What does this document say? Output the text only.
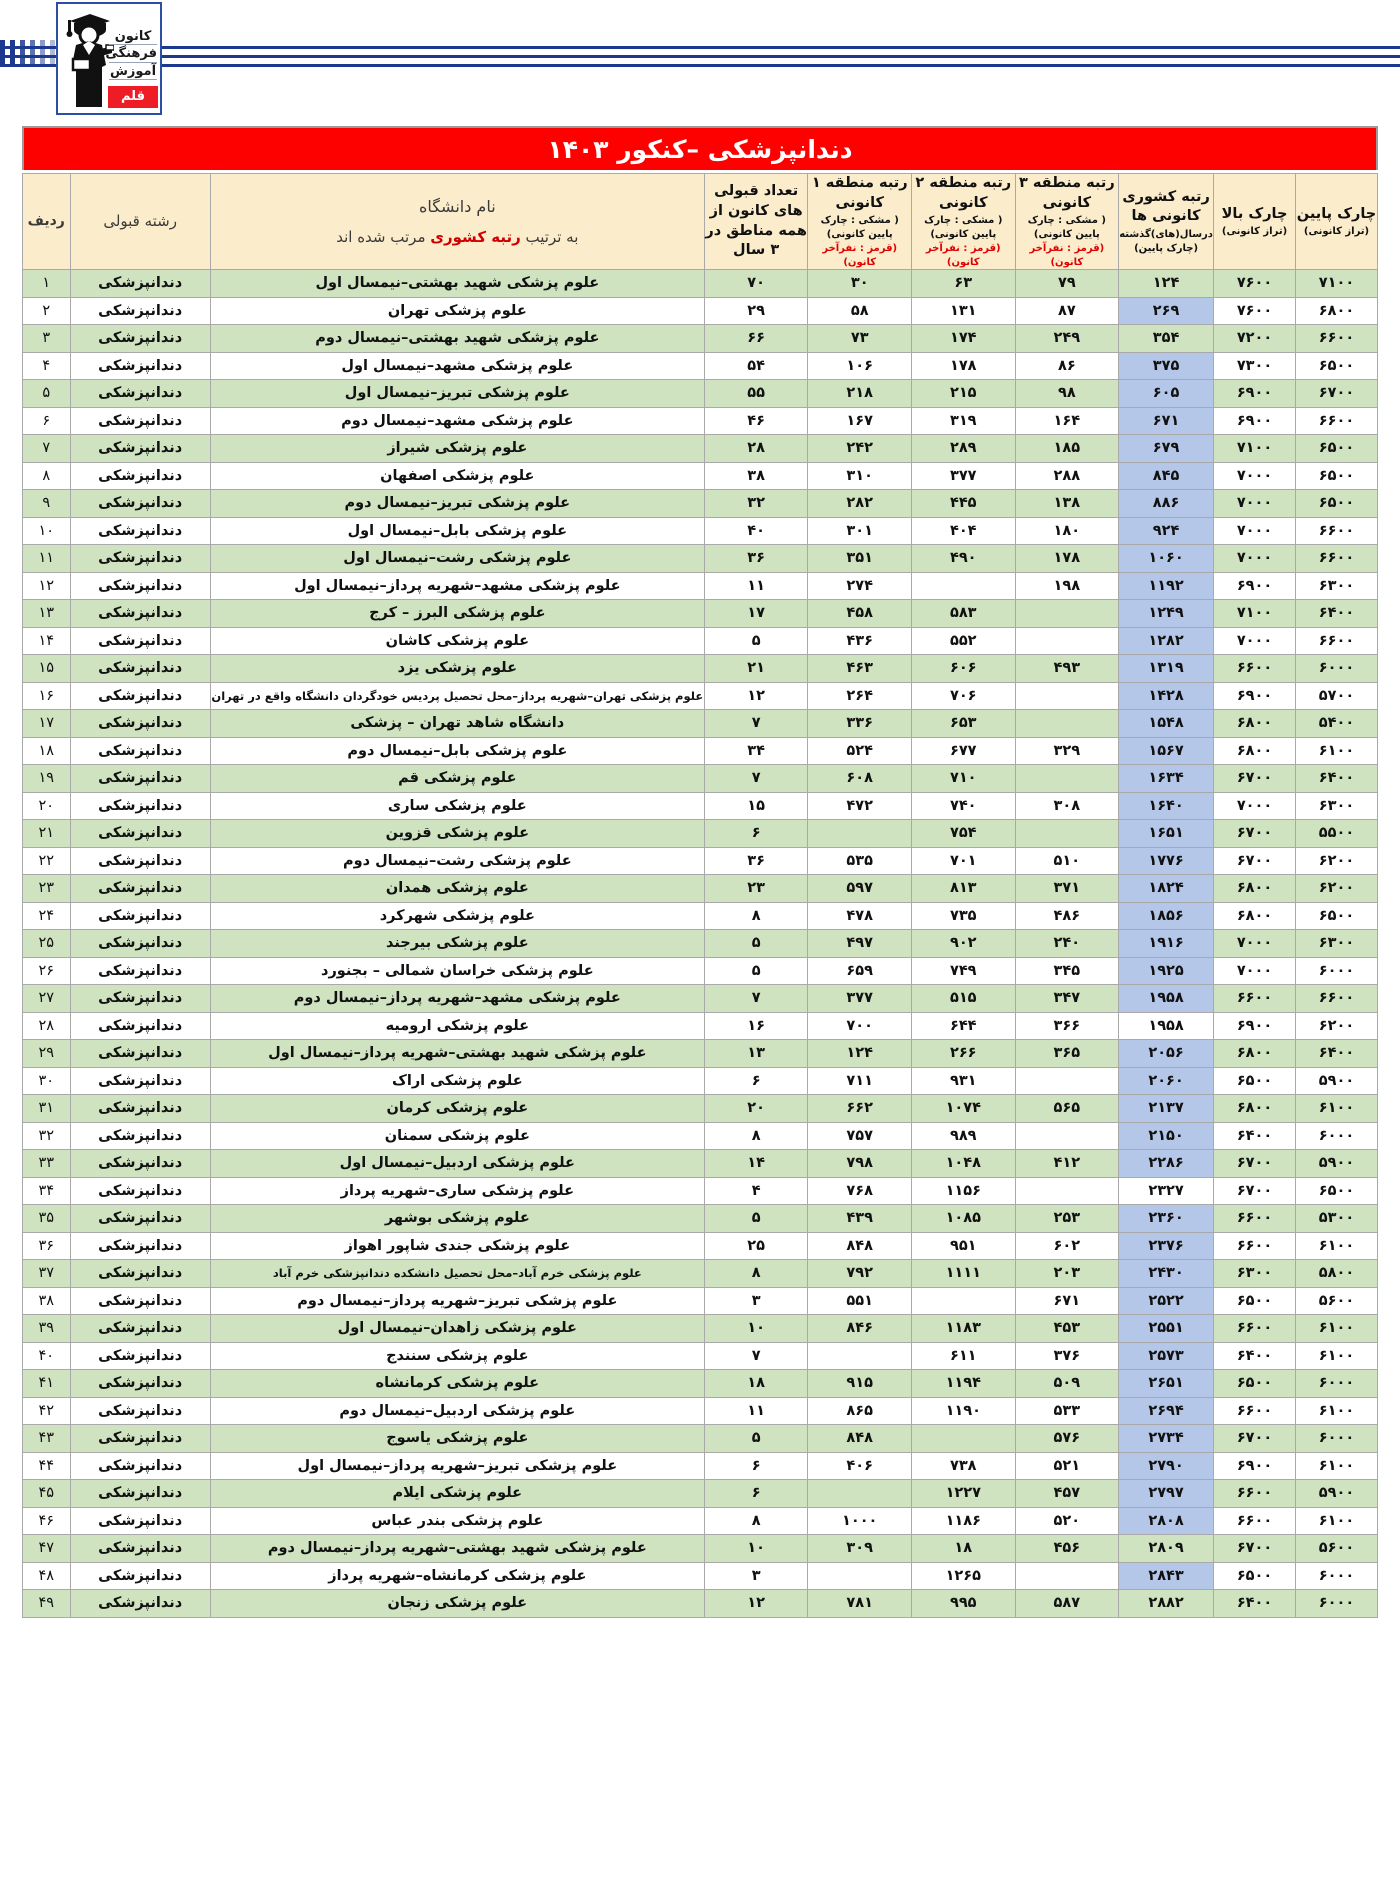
کانون
فرهنگی
آموزش
قلم چی
دندانپزشکی –کنکور ۱۴۰۳
چارک پایین
(تراز کانونی)	چارک بالا
(تراز کانونی)	رتبه کشوری کانونی ها
درسال(های)گذشته
(چارک پایین)	رتبه منطقه ۳ کانونی
( مشکی : چارک پایین کانونی)
(قرمز : نفرآخر کانون)	رتبه منطقه ۲ کانونی
( مشکی : چارک پایین کانونی)
(قرمز : نفرآخر کانون)	رتبه منطقه ۱ کانونی
( مشکی : چارک پایین کانونی)
(قرمز : نفرآخر کانون)	تعداد قبولی های کانون از همه مناطق در ۳ سال	نام دانشگاه
به ترتیب رتبه کشوری مرتب شده اند	رشته قبولی	ردیف
۷۱۰۰	۷۶۰۰	۱۲۴	۷۹	۶۳	۳۰	۷۰	علوم پزشکی شهید بهشتی–نیمسال اول	دندانپزشکی	۱
۶۸۰۰	۷۶۰۰	۲۶۹	۸۷	۱۳۱	۵۸	۲۹	علوم پزشکی تهران	دندانپزشکی	۲
۶۶۰۰	۷۲۰۰	۳۵۴	۲۴۹	۱۷۴	۷۳	۶۶	علوم پزشکی شهید بهشتی–نیمسال دوم	دندانپزشکی	۳
۶۵۰۰	۷۳۰۰	۳۷۵	۸۶	۱۷۸	۱۰۶	۵۴	علوم پزشکی مشهد–نیمسال اول	دندانپزشکی	۴
۶۷۰۰	۶۹۰۰	۶۰۵	۹۸	۲۱۵	۲۱۸	۵۵	علوم پزشکی تبریز–نیمسال اول	دندانپزشکی	۵
۶۶۰۰	۶۹۰۰	۶۷۱	۱۶۴	۳۱۹	۱۶۷	۴۶	علوم پزشکی مشهد–نیمسال دوم	دندانپزشکی	۶
۶۵۰۰	۷۱۰۰	۶۷۹	۱۸۵	۲۸۹	۲۴۲	۲۸	علوم پزشکی شیراز	دندانپزشکی	۷
۶۵۰۰	۷۰۰۰	۸۴۵	۲۸۸	۳۷۷	۳۱۰	۳۸	علوم پزشکی اصفهان	دندانپزشکی	۸
۶۵۰۰	۷۰۰۰	۸۸۶	۱۳۸	۴۴۵	۲۸۲	۳۲	علوم پزشکی تبریز–نیمسال دوم	دندانپزشکی	۹
۶۶۰۰	۷۰۰۰	۹۲۴	۱۸۰	۴۰۴	۳۰۱	۴۰	علوم پزشکی بابل–نیمسال اول	دندانپزشکی	۱۰
۶۶۰۰	۷۰۰۰	۱۰۶۰	۱۷۸	۴۹۰	۳۵۱	۳۶	علوم پزشکی رشت–نیمسال اول	دندانپزشکی	۱۱
۶۳۰۰	۶۹۰۰	۱۱۹۲	۱۹۸		۲۷۴	۱۱	علوم پزشکی مشهد–شهریه پرداز–نیمسال اول	دندانپزشکی	۱۲
۶۴۰۰	۷۱۰۰	۱۲۴۹		۵۸۳	۴۵۸	۱۷	علوم پزشکی البرز – کرج	دندانپزشکی	۱۳
۶۶۰۰	۷۰۰۰	۱۲۸۲		۵۵۲	۴۳۶	۵	علوم پزشکی کاشان	دندانپزشکی	۱۴
۶۰۰۰	۶۶۰۰	۱۳۱۹	۴۹۳	۶۰۶	۴۶۳	۲۱	علوم پزشکی یزد	دندانپزشکی	۱۵
۵۷۰۰	۶۹۰۰	۱۴۲۸		۷۰۶	۲۶۴	۱۲	علوم پزشکی تهران–شهریه پرداز–محل تحصیل پردیس خودگردان دانشگاه واقع در تهران	دندانپزشکی	۱۶
۵۴۰۰	۶۸۰۰	۱۵۴۸		۶۵۳	۳۳۶	۷	دانشگاه شاهد تهران – پزشکی	دندانپزشکی	۱۷
۶۱۰۰	۶۸۰۰	۱۵۶۷	۳۲۹	۶۷۷	۵۲۴	۳۴	علوم پزشکی بابل–نیمسال دوم	دندانپزشکی	۱۸
۶۴۰۰	۶۷۰۰	۱۶۳۴		۷۱۰	۶۰۸	۷	علوم پزشکی قم	دندانپزشکی	۱۹
۶۳۰۰	۷۰۰۰	۱۶۴۰	۳۰۸	۷۴۰	۴۷۲	۱۵	علوم پزشکی ساری	دندانپزشکی	۲۰
۵۵۰۰	۶۷۰۰	۱۶۵۱		۷۵۴		۶	علوم پزشکی قزوین	دندانپزشکی	۲۱
۶۲۰۰	۶۷۰۰	۱۷۷۶	۵۱۰	۷۰۱	۵۳۵	۳۶	علوم پزشکی رشت–نیمسال دوم	دندانپزشکی	۲۲
۶۲۰۰	۶۸۰۰	۱۸۲۴	۳۷۱	۸۱۳	۵۹۷	۲۳	علوم پزشکی همدان	دندانپزشکی	۲۳
۶۵۰۰	۶۸۰۰	۱۸۵۶	۴۸۶	۷۳۵	۴۷۸	۸	علوم پزشکی شهرکرد	دندانپزشکی	۲۴
۶۳۰۰	۷۰۰۰	۱۹۱۶	۲۴۰	۹۰۲	۴۹۷	۵	علوم پزشکی بیرجند	دندانپزشکی	۲۵
۶۰۰۰	۷۰۰۰	۱۹۲۵	۳۴۵	۷۴۹	۶۵۹	۵	علوم پزشکی خراسان شمالی – بجنورد	دندانپزشکی	۲۶
۶۶۰۰	۶۶۰۰	۱۹۵۸	۳۴۷	۵۱۵	۳۷۷	۷	علوم پزشکی مشهد–شهریه پرداز–نیمسال دوم	دندانپزشکی	۲۷
۶۲۰۰	۶۹۰۰	۱۹۵۸	۳۶۶	۶۴۴	۷۰۰	۱۶	علوم پزشکی ارومیه	دندانپزشکی	۲۸
۶۴۰۰	۶۸۰۰	۲۰۵۶	۳۶۵	۲۶۶	۱۲۴	۱۳	علوم پزشکی شهید بهشتی–شهریه پرداز–نیمسال اول	دندانپزشکی	۲۹
۵۹۰۰	۶۵۰۰	۲۰۶۰		۹۳۱	۷۱۱	۶	علوم پزشکی اراک	دندانپزشکی	۳۰
۶۱۰۰	۶۸۰۰	۲۱۳۷	۵۶۵	۱۰۷۴	۶۶۲	۲۰	علوم پزشکی کرمان	دندانپزشکی	۳۱
۶۰۰۰	۶۴۰۰	۲۱۵۰		۹۸۹	۷۵۷	۸	علوم پزشکی سمنان	دندانپزشکی	۳۲
۵۹۰۰	۶۷۰۰	۲۲۸۶	۴۱۲	۱۰۴۸	۷۹۸	۱۴	علوم پزشکی اردبیل–نیمسال اول	دندانپزشکی	۳۳
۶۵۰۰	۶۷۰۰	۲۳۲۷		۱۱۵۶	۷۶۸	۴	علوم پزشکی ساری–شهریه پرداز	دندانپزشکی	۳۴
۵۳۰۰	۶۶۰۰	۲۳۶۰	۲۵۳	۱۰۸۵	۴۳۹	۵	علوم پزشکی بوشهر	دندانپزشکی	۳۵
۶۱۰۰	۶۶۰۰	۲۳۷۶	۶۰۲	۹۵۱	۸۴۸	۲۵	علوم پزشکی جندی شاپور اهواز	دندانپزشکی	۳۶
۵۸۰۰	۶۳۰۰	۲۴۳۰	۲۰۳	۱۱۱۱	۷۹۲	۸	علوم پزشکی خرم آباد–محل تحصیل دانشکده دندانپزشکی خرم آباد	دندانپزشکی	۳۷
۵۶۰۰	۶۵۰۰	۲۵۲۲	۶۷۱		۵۵۱	۳	علوم پزشکی تبریز–شهریه پرداز–نیمسال دوم	دندانپزشکی	۳۸
۶۱۰۰	۶۶۰۰	۲۵۵۱	۴۵۳	۱۱۸۳	۸۴۶	۱۰	علوم پزشکی زاهدان–نیمسال اول	دندانپزشکی	۳۹
۶۱۰۰	۶۴۰۰	۲۵۷۳	۳۷۶	۶۱۱		۷	علوم پزشکی سنندج	دندانپزشکی	۴۰
۶۰۰۰	۶۵۰۰	۲۶۵۱	۵۰۹	۱۱۹۴	۹۱۵	۱۸	علوم پزشکی کرمانشاه	دندانپزشکی	۴۱
۶۱۰۰	۶۶۰۰	۲۶۹۴	۵۳۳	۱۱۹۰	۸۶۵	۱۱	علوم پزشکی اردبیل–نیمسال دوم	دندانپزشکی	۴۲
۶۰۰۰	۶۷۰۰	۲۷۳۴	۵۷۶		۸۴۸	۵	علوم پزشکی یاسوج	دندانپزشکی	۴۳
۶۱۰۰	۶۹۰۰	۲۷۹۰	۵۲۱	۷۳۸	۴۰۶	۶	علوم پزشکی تبریز–شهریه پرداز–نیمسال اول	دندانپزشکی	۴۴
۵۹۰۰	۶۶۰۰	۲۷۹۷	۴۵۷	۱۲۲۷		۶	علوم پزشکی ایلام	دندانپزشکی	۴۵
۶۱۰۰	۶۶۰۰	۲۸۰۸	۵۲۰	۱۱۸۶	۱۰۰۰	۸	علوم پزشکی بندر عباس	دندانپزشکی	۴۶
۵۶۰۰	۶۷۰۰	۲۸۰۹	۴۵۶	۱۸	۳۰۹	۱۰	علوم پزشکی شهید بهشتی–شهریه پرداز–نیمسال دوم	دندانپزشکی	۴۷
۶۰۰۰	۶۵۰۰	۲۸۴۳		۱۲۶۵		۳	علوم پزشکی کرمانشاه–شهریه پرداز	دندانپزشکی	۴۸
۶۰۰۰	۶۴۰۰	۲۸۸۲	۵۸۷	۹۹۵	۷۸۱	۱۲	علوم پزشکی زنجان	دندانپزشکی	۴۹
